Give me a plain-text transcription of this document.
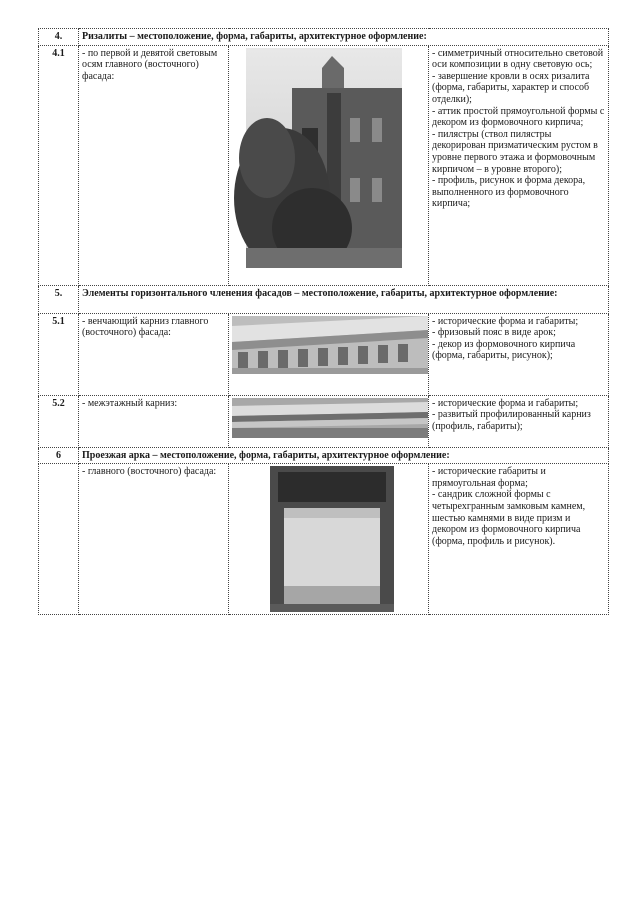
4.	Ризалиты – местоположение, форма, габариты, архитектурное оформление:		
4.1	- по первой и девятой световым осям главного (восточного) фасада:		- симметричный относительно световой оси композиции в одну световую ось;
- завершение кровли в осях ризалита (форма, габариты, характер и способ отделки);
- аттик простой прямоугольной формы с декором из формовочного кирпича;
- пилястры (ствол пилястры декорирован призматическим рустом в уровне первого этажа и формовочным кирпичом – в уровне второго);
- профиль, рисунок и форма декора, выполненного из формовочного кирпича;
5.	Элементы горизонтального членения фасадов – местоположение, габариты, архитектурное оформление:		
5.1	- венчающий карниз главного (восточного) фасада:		- исторические форма и габариты;
- фризовый пояс в виде арок;
- декор из формовочного кирпича (форма, габариты, рисунок);
5.2	- межэтажный карниз:		- исторические форма и габариты;
- развитый профилированный карниз (профиль, габариты);
6	Проезжая арка – местоположение, форма, габариты, архитектурное оформление:		
	- главного (восточного) фасада:		- исторические габариты и прямоугольная форма;
- сандрик сложной формы с четырехгранным замковым камнем, шестью камнями в виде призм и декором из формовочного кирпича (форма, профиль и рисунок).
